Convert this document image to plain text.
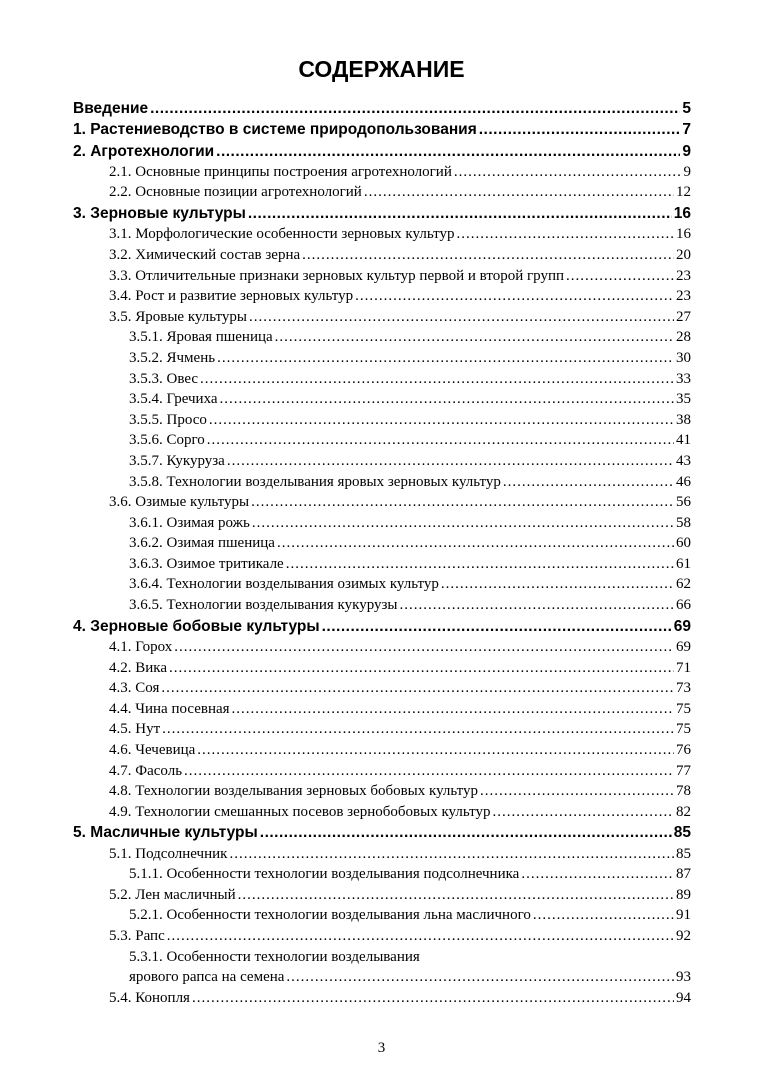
СОДЕРЖАНИЕ
Введение .....	5
1. Растениеводство в системе природопользования .....	7
2. Агротехнологии .....	9
2.1. Основные принципы построения агротехнологий .....	9
2.2. Основные позиции агротехнологий .....	12
3. Зерновые культуры .....	16
3.1. Морфологические особенности зерновых культур .....	16
3.2. Химический состав зерна .....	20
3.3. Отличительные признаки зерновых культур первой и второй групп .....	23
3.4. Рост и развитие зерновых культур .....	23
3.5. Яровые культуры .....	27
3.5.1. Яровая пшеница .....	28
3.5.2. Ячмень .....	30
3.5.3. Овес .....	33
3.5.4. Гречиха .....	35
3.5.5. Просо .....	38
3.5.6. Сорго .....	41
3.5.7. Кукуруза .....	43
3.5.8. Технологии возделывания яровых зерновых культур .....	46
3.6. Озимые культуры .....	56
3.6.1. Озимая рожь .....	58
3.6.2. Озимая пшеница .....	60
3.6.3. Озимое тритикале .....	61
3.6.4. Технологии возделывания озимых культур .....	62
3.6.5. Технологии возделывания кукурузы .....	66
4. Зерновые бобовые культуры .....	69
4.1. Горох .....	69
4.2. Вика .....	71
4.3. Соя .....	73
4.4. Чина посевная .....	75
4.5. Нут .....	75
4.6. Чечевица .....	76
4.7. Фасоль .....	77
4.8. Технологии возделывания зерновых бобовых культур .....	78
4.9. Технологии смешанных посевов зернобобовых культур .....	82
5. Масличные культуры .....	85
5.1. Подсолнечник .....	85
5.1.1. Особенности технологии возделывания подсолнечника .....	87
5.2. Лен масличный .....	89
5.2.1. Особенности технологии возделывания льна масличного .....	91
5.3. Рапс .....	92
5.3.1. Особенности технологии возделывания
ярового рапса на семена .....	93
5.4. Конопля .....	94
3
